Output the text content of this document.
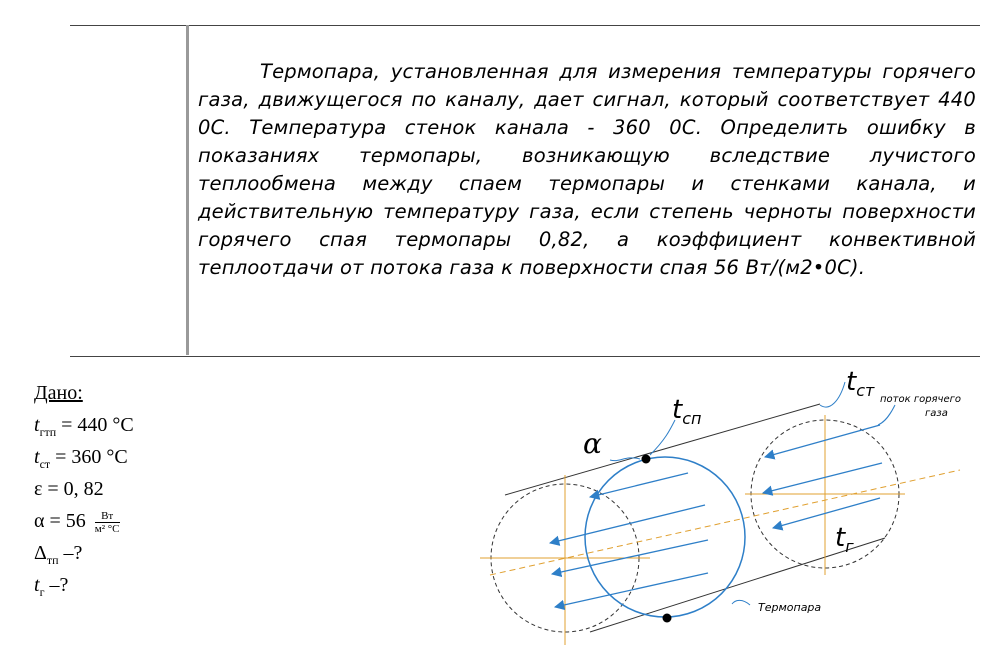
Термопара, установленная для измерения температуры горячего газа, движущегося по каналу, дает сигнал, который соответствует 440 0С. Температура стенок канала - 360 0С. Определить ошибку в показаниях термопары, возникающую вследствие лучистого теплообмена между спаем термопары и стенками канала, и действительную температуру газа, если степень черноты поверхности горячего спая термопары 0,82, а коэффициент конвективной теплоотдачи от потока газа к поверхности спая 56 Вт/(м2•0С).

Дано:
$t_{гтп} = 440$ °C
$t_{ст} = 360$ °C
ε = 0, 82
$\alpha = 56 \frac{Вт}{\text{м² °C}}$
$\Delta_{тп}$ –?
$t_г$ –?
α
$t_{сп}$
$t_{ст}$
$t_г$
поток горячего
газа
Термопара
